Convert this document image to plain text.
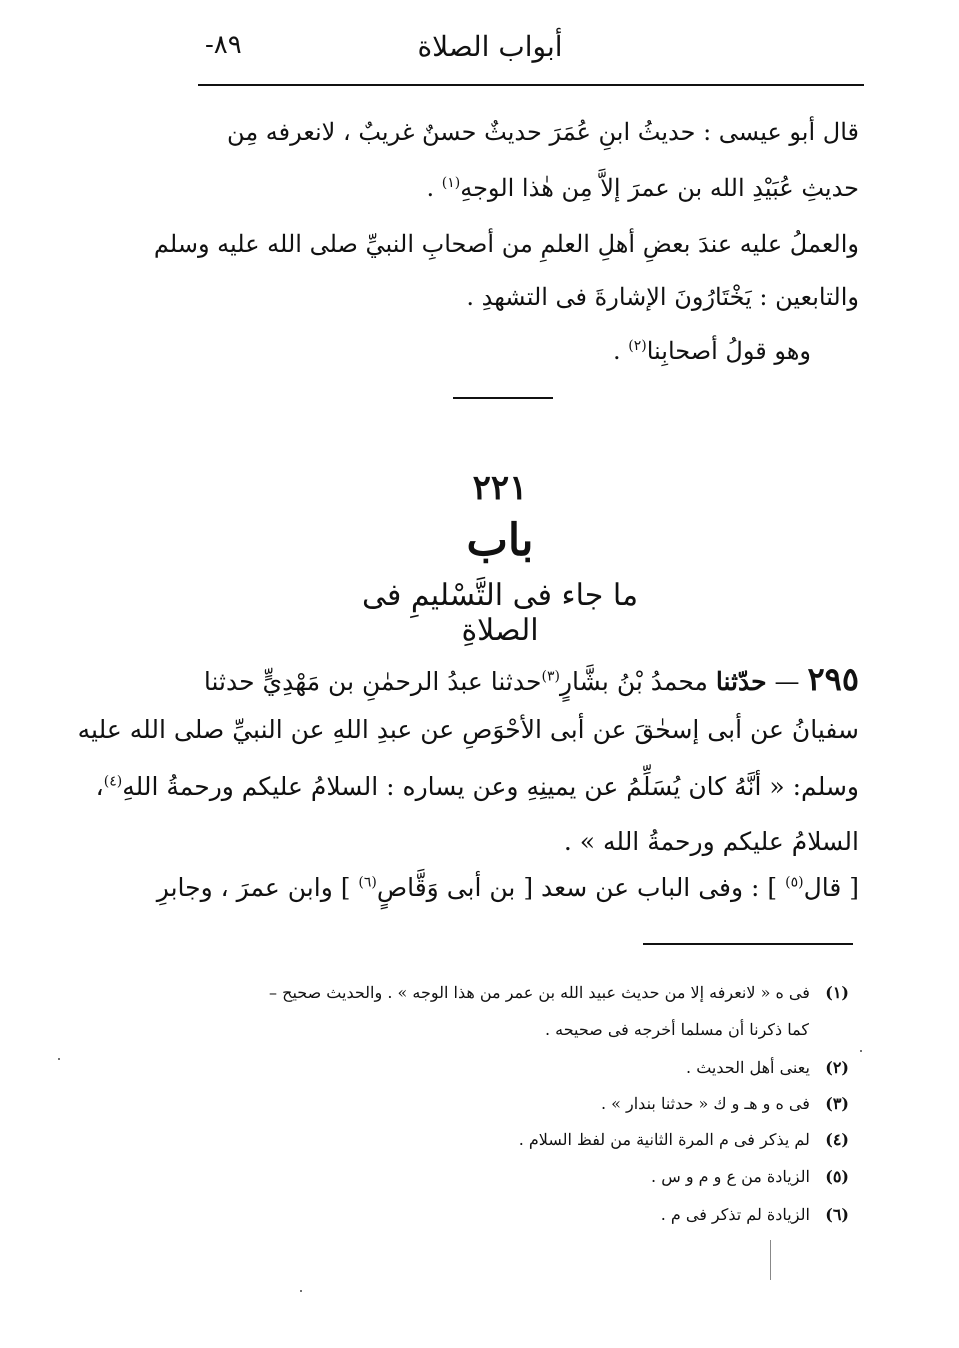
أبواب الصلاة
-٨٩
قال أبو عيسى : حديثُ ابنِ عُمَرَ حديثٌ حسنٌ غريبٌ ، لانعرفه مِن
حديثِ عُبَيْدِ الله بن عمرَ إلاَّ مِن هٰذا الوجهِ$^{(١)}$ .
والعملُ عليه عندَ بعضِ أهلِ العلمِ من أصحابِ النبيِّ صلى الله عليه وسلم
والتابعين : يَخْتَارُونَ الإشارةَ فى التشهدِ .
وهو قولُ أصحابِنا$^{(٢)}$ .
٢٢١
باب
ما جاء فى التَّسْليمِ فى الصلاةِ
٢٩٥ — حدّثنا محمدُ بْنُ بشَّارٍ$^{(٣)}$حدثنا عبدُ الرحمٰنِ بن مَهْدِيٍّ حدثنا
سفيانُ عن أبى إسحٰقَ عن أبى الأحْوَصِ عن عبدِ اللهِ عن النبيِّ صلى الله عليه
وسلم: « أنَّهُ كان يُسَلِّمُ عن يمينِهِ وعن يساره : السلامُ عليكم ورحمةُ اللهِ$^{(٤)}$،
السلامُ عليكم ورحمةُ الله » .
[ قال$^{(٥)}$ ] : وفى الباب عن سعد [ بن أبى وَقَّاصٍ$^{(٦)}$ ] وابن عمرَ ، وجابرِ
(١) فى ه « لانعرفه إلا من حديث عبيد الله بن عمر من هذا الوجه » . والحديث صحيح –
كما ذكرنا أن مسلما أخرجه فى صحيحه .
(٢) يعنى أهل الحديث .
(٣) فى ه و هـ و ك « حدثنا بندار » .
(٤) لم يذكر فى م المرة الثانية من لفظ السلام .
(٥) الزيادة من ع و م و س .
(٦) الزيادة لم تذكر فى م .
